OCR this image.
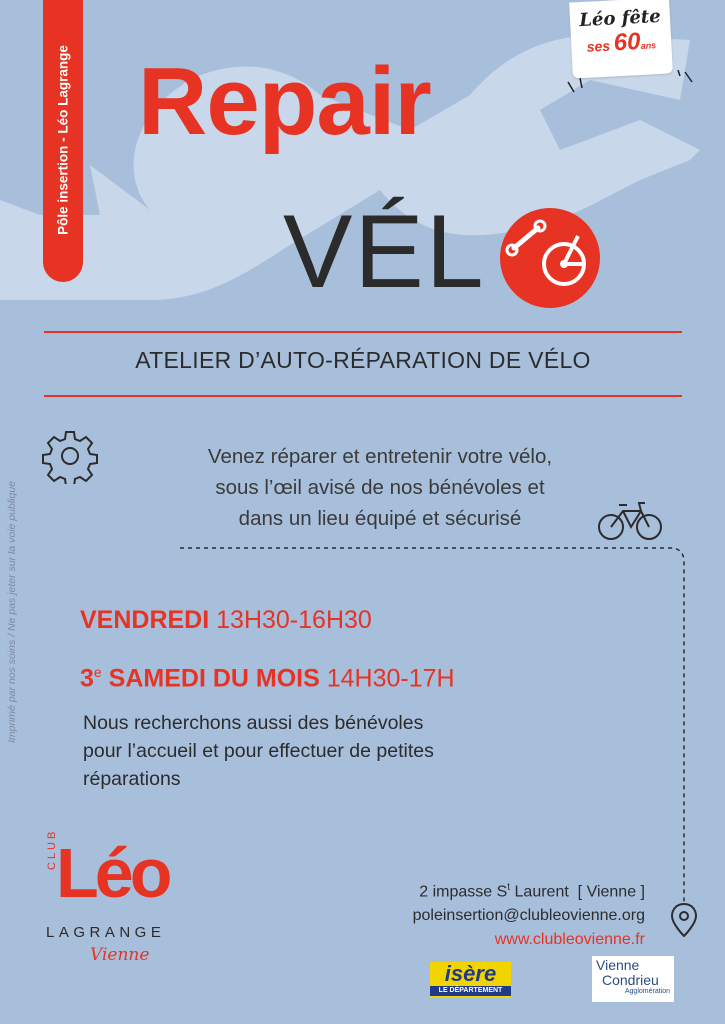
Pôle insertion - Léo Lagrange
Imprimé par nos soins / Ne pas jeter sur la voie publique
Léo fête
ses 60ans
Repair
VÉL
ATELIER D’AUTO-RÉPARATION DE VÉLO
Venez réparer et entretenir votre vélo,
sous l’œil avisé de nos bénévoles et
dans un lieu équipé et sécurisé
VENDREDI 13H30-16H30
3e SAMEDI DU MOIS 14H30-17H
Nous recherchons aussi des bénévoles
pour l’accueil et pour effectuer de petites
réparations
2 impasse $S^t$ Laurent  [ Vienne ]
poleinsertion@clubleovienne.org
www.clubleovienne.fr
CLUB
Léo
LAGRANGE
Vienne
isère
LE DÉPARTEMENT
Vienne
Condrieu
Agglomération
